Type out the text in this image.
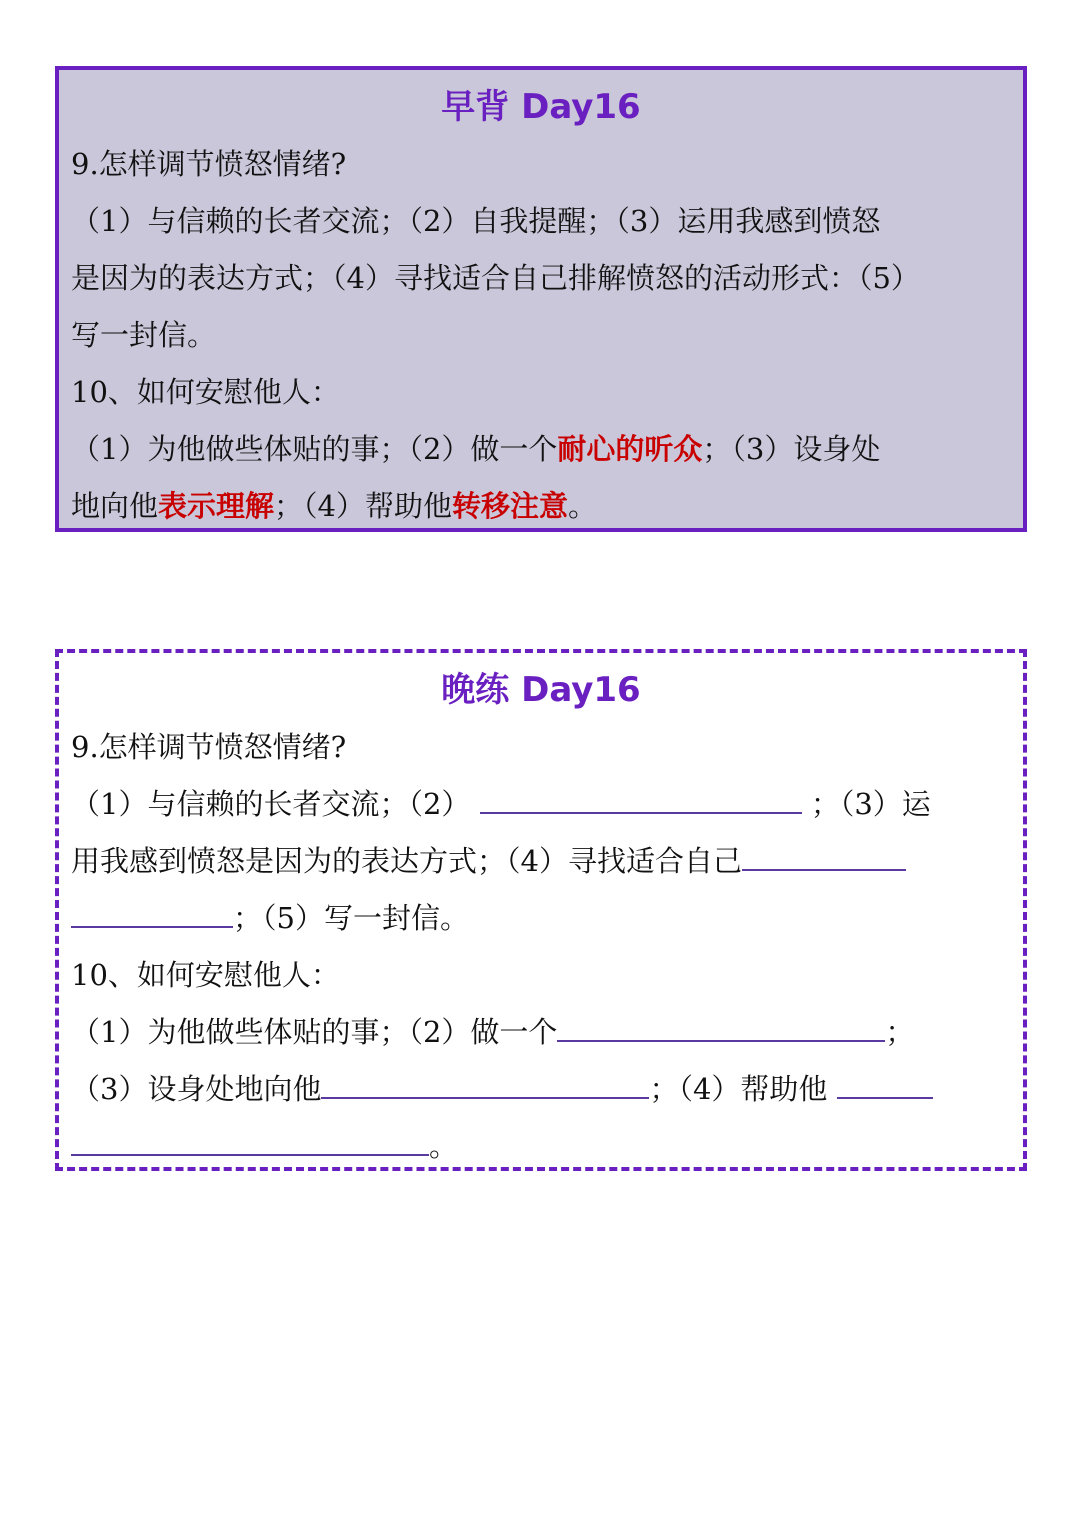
早背 Day16
9.怎样调节愤怒情绪?
（1）与信赖的长者交流；（2）自我提醒；（3）运用我感到愤怒
是因为的表达方式；（4）寻找适合自己排解愤怒的活动形式：（5）
写一封信。
10、如何安慰他人：
（1）为他做些体贴的事；（2）做一个耐心的听众；（3）设身处
地向他表示理解；（4）帮助他转移注意。
晚练 Day16
9.怎样调节愤怒情绪?
（1）与信赖的长者交流；（2）	；（3）运
用我感到愤怒是因为的表达方式；（4）寻找适合自己
；（5）写一封信。
10、如何安慰他人：
（1）为他做些体贴的事；（2）做一个	；
（3）设身处地向他	；（4）帮助他
。
